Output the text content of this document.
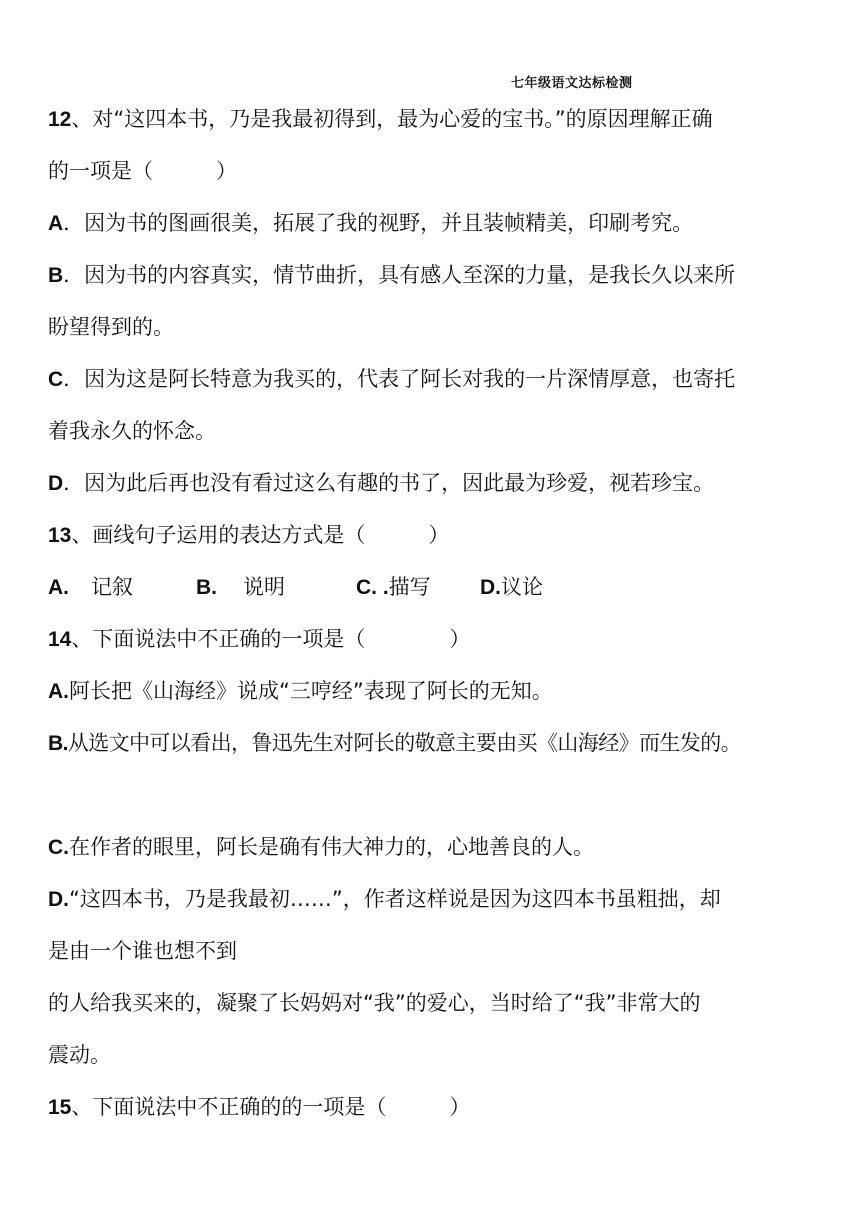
七年级语文达标检测
12、对“这四本书，乃是我最初得到，最为心爱的宝书。”的原因理解正确
的一项是（　　　）
A．因为书的图画很美，拓展了我的视野，并且装帧精美，印刷考究。
B．因为书的内容真实，情节曲折，具有感人至深的力量，是我长久以来所
盼望得到的。
C．因为这是阿长特意为我买的，代表了阿长对我的一片深情厚意，也寄托
着我永久的怀念。
D．因为此后再也没有看过这么有趣的书了，因此最为珍爱，视若珍宝。
13、画线句子运用的表达方式是（　　　）
A. 记叙	B. 说明	C. .描写 D.议论
14、下面说法中不正确的一项是（　　　　）
A.阿长把《山海经》说成“三哼经”表现了阿长的无知。
B.从选文中可以看出，鲁迅先生对阿长的敬意主要由买《山海经》而生发的。
C.在作者的眼里，阿长是确有伟大神力的，心地善良的人。
D.“这四本书，乃是我最初……”，作者这样说是因为这四本书虽粗拙，却
是由一个谁也想不到
的人给我买来的，凝聚了长妈妈对“我”的爱心，当时给了“我”非常大的
震动。
15、下面说法中不正确的的一项是（　　　）
